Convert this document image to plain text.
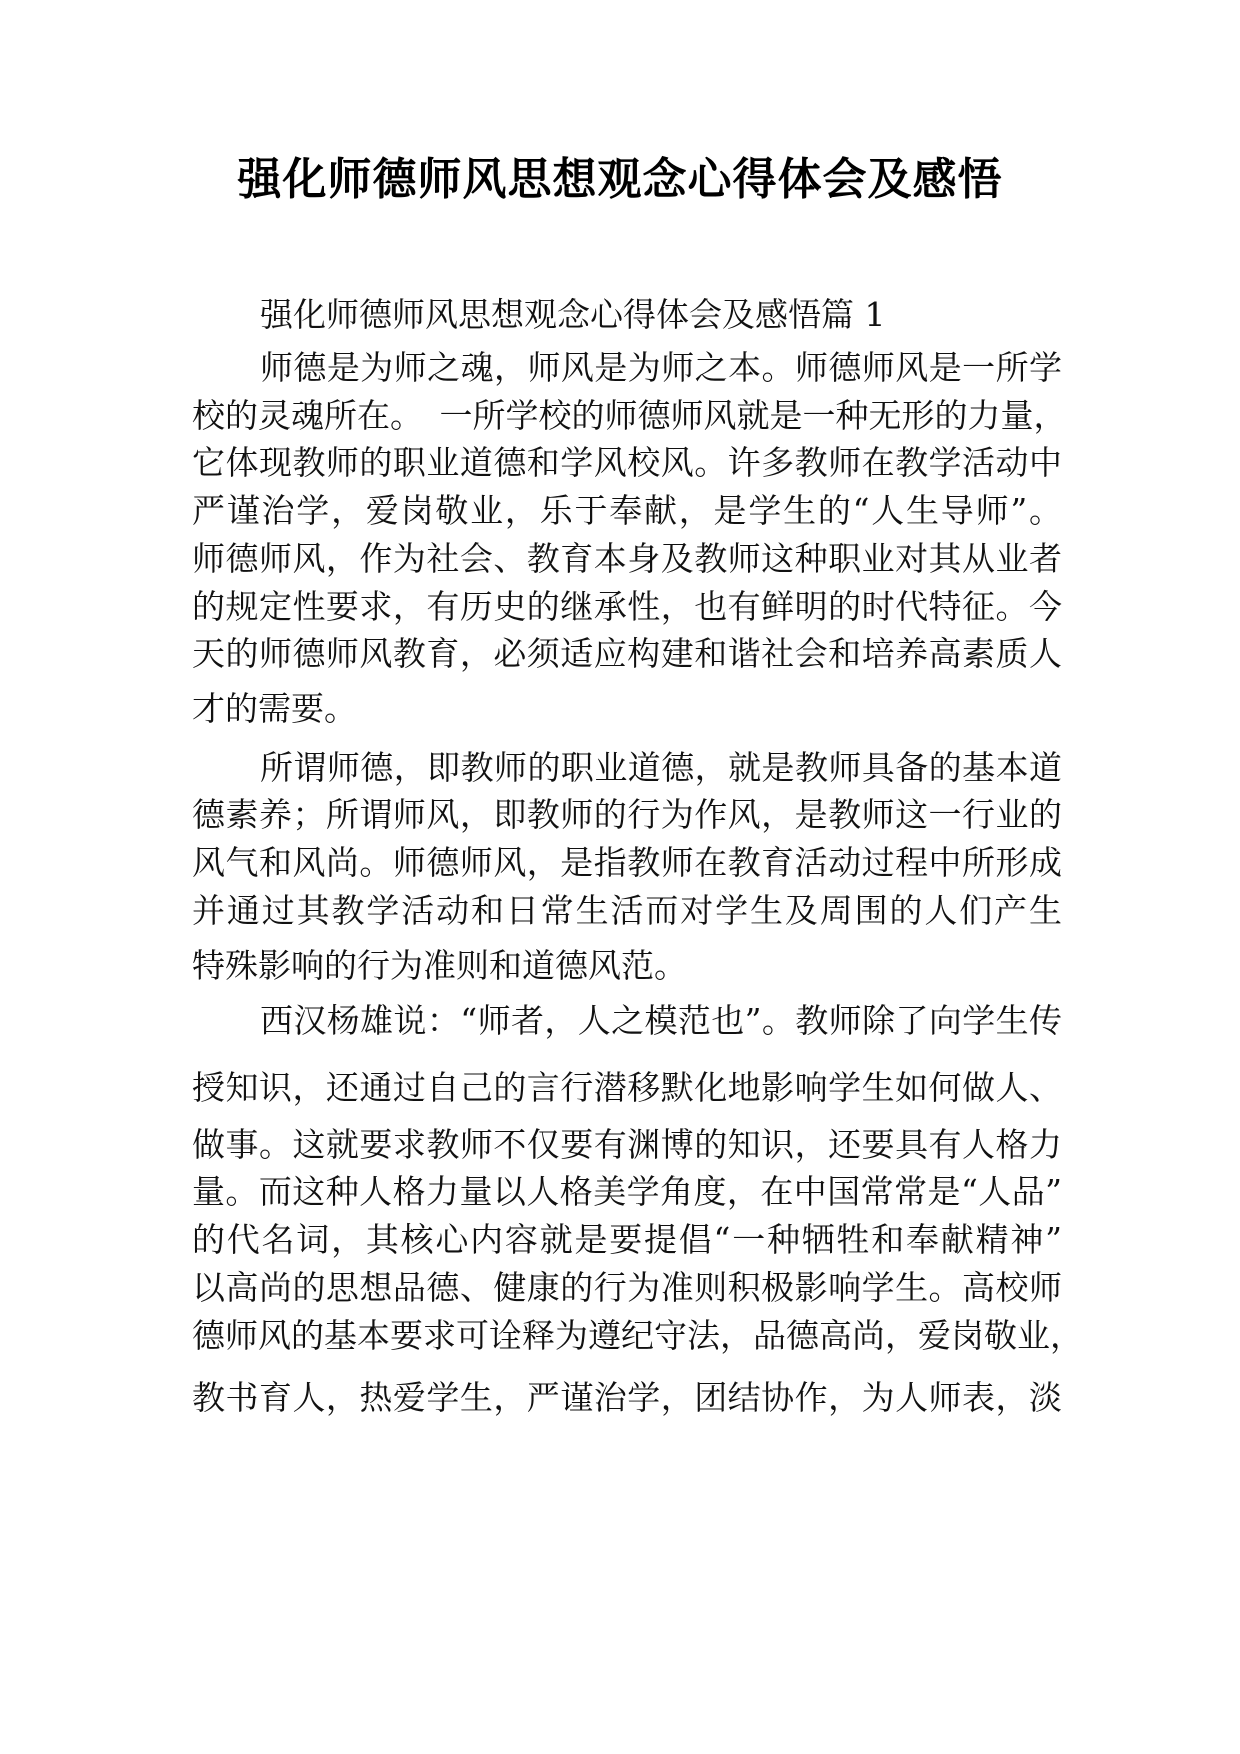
强化师德师风思想观念心得体会及感悟

强化师德师风思想观念心得体会及感悟篇 1

师德是为师之魂，师风是为师之本。师德师风是一所学

校的灵魂所在。　一所学校的师德师风就是一种无形的力量，

它体现教师的职业道德和学风校风。许多教师在教学活动中

严谨治学，爱岗敬业，乐于奉献，是学生的“人生导师”。

师德师风，作为社会、教育本身及教师这种职业对其从业者

的规定性要求，有历史的继承性，也有鲜明的时代特征。今

天的师德师风教育，必须适应构建和谐社会和培养高素质人

才的需要。

所谓师德，即教师的职业道德，就是教师具备的基本道

德素养；所谓师风，即教师的行为作风，是教师这一行业的

风气和风尚。师德师风，是指教师在教育活动过程中所形成

并通过其教学活动和日常生活而对学生及周围的人们产生

特殊影响的行为准则和道德风范。

西汉杨雄说：“师者，人之模范也”。教师除了向学生传

授知识，还通过自己的言行潜移默化地影响学生如何做人、

做事。这就要求教师不仅要有渊博的知识，还要具有人格力

量。而这种人格力量以人格美学角度，在中国常常是“人品”

的代名词，其核心内容就是要提倡“一种牺牲和奉献精神”

以高尚的思想品德、健康的行为准则积极影响学生。高校师

德师风的基本要求可诠释为遵纪守法，品德高尚，爱岗敬业，

教书育人，热爱学生，严谨治学，团结协作，为人师表，淡
